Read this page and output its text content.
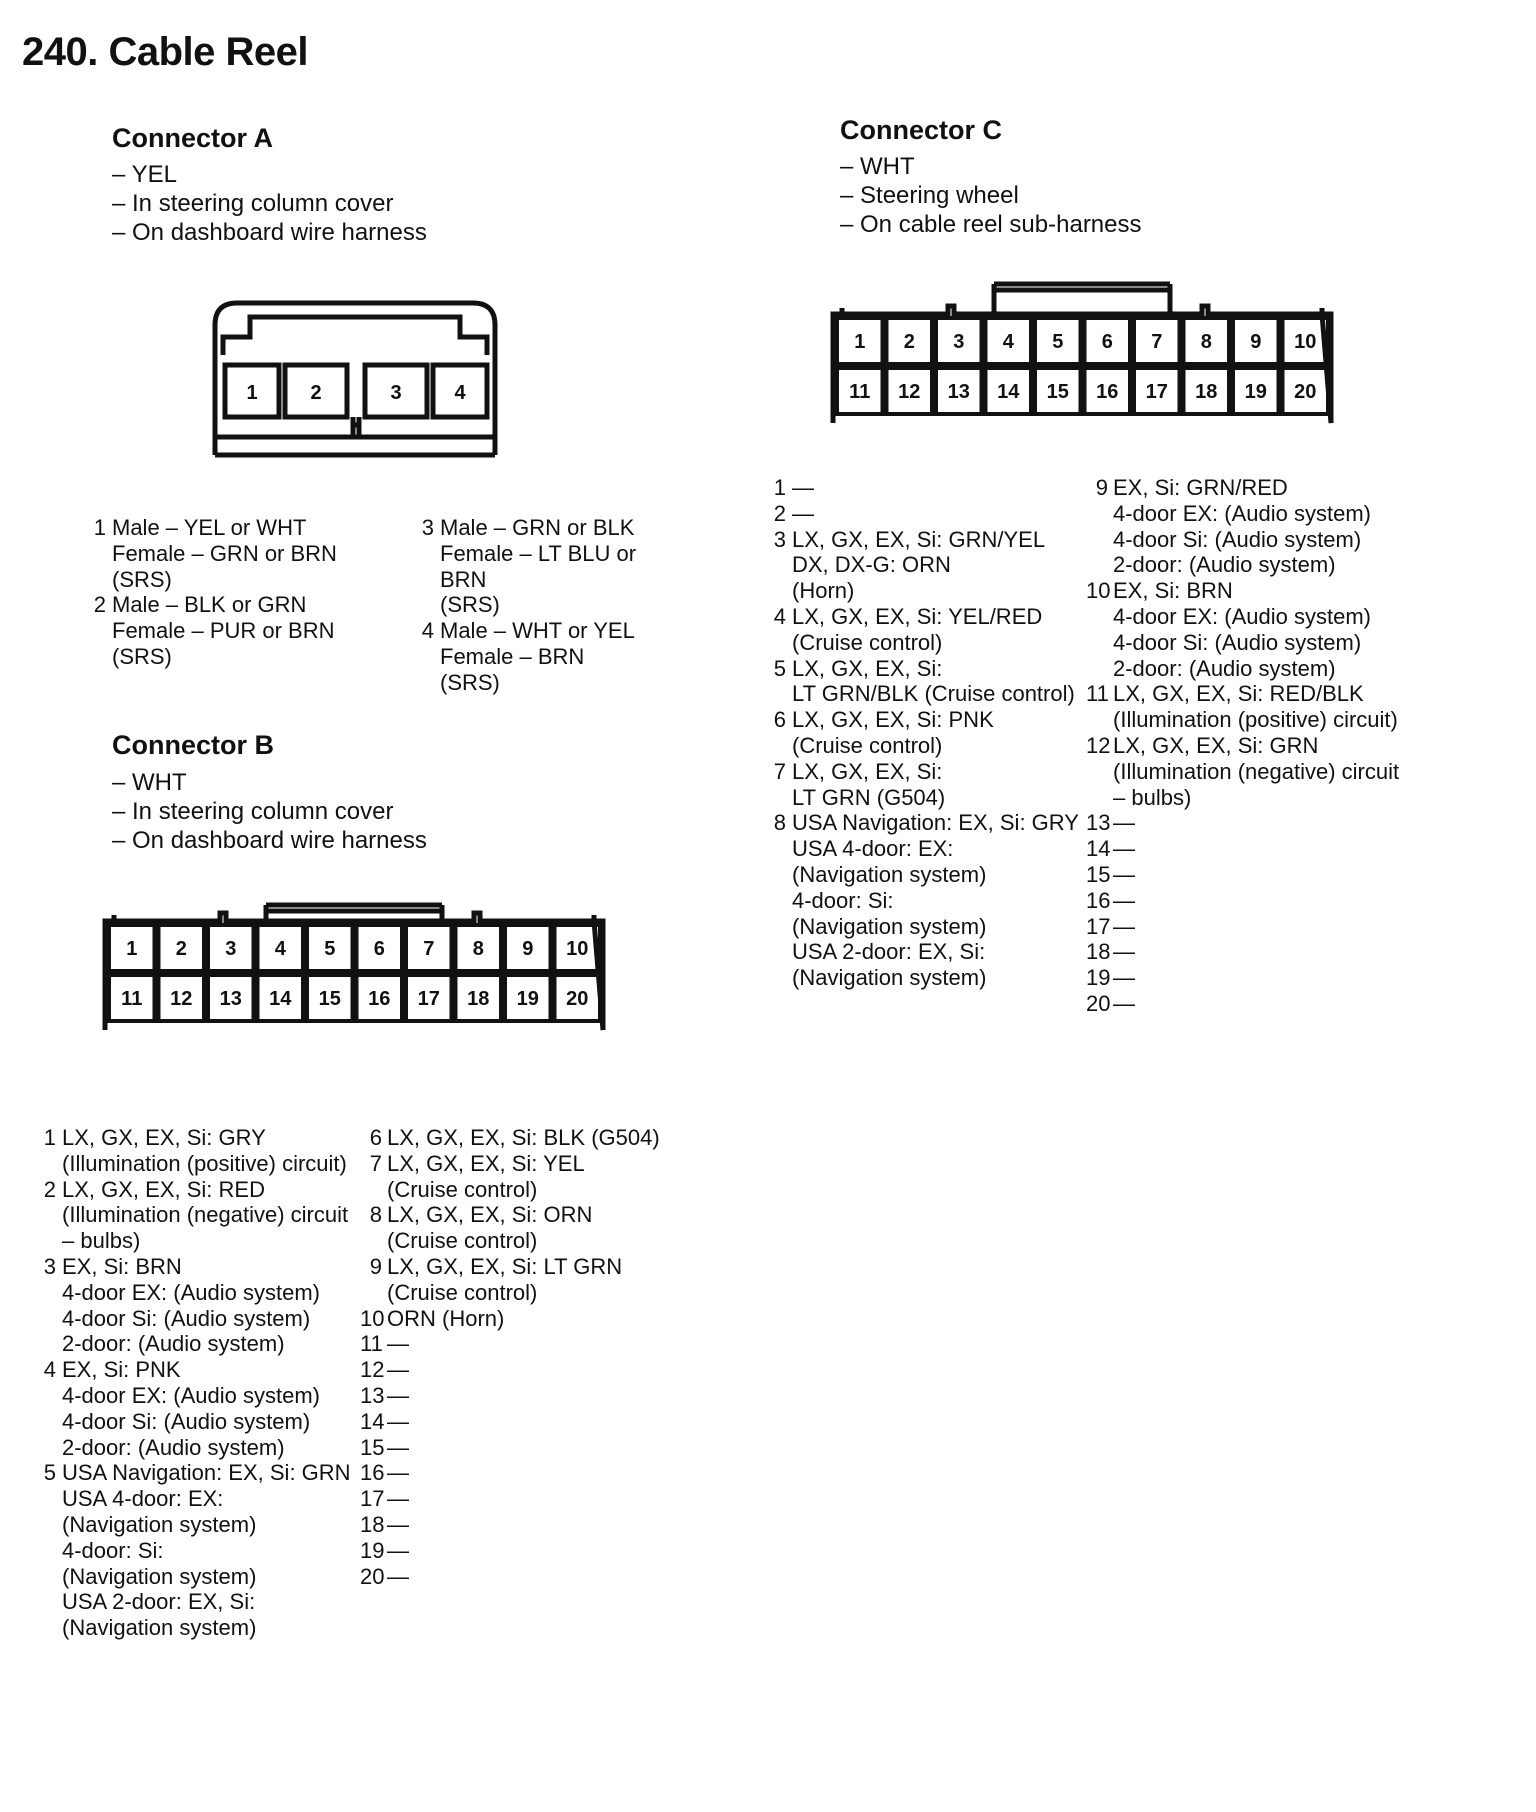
240. Cable Reel
Connector A
– YEL
– In steering column cover
– On dashboard wire harness
1	2	3	4
1 Male – YEL or WHT
Female – GRN or BRN
(SRS)
2 Male – BLK or GRN
Female – PUR or BRN
(SRS)
3 Male – GRN or BLK
Female – LT BLU or
BRN
(SRS)
4 Male – WHT or YEL
Female – BRN
(SRS)
Connector B
– WHT
– In steering column cover
– On dashboard wire harness
1 2 3 4 5 6 7 8 9 10
11 12 13 14 15 16 17 18 19 20
1 LX, GX, EX, Si: GRY
(Illumination (positive) circuit)
2 LX, GX, EX, Si: RED
(Illumination (negative) circuit
– bulbs)
3 EX, Si: BRN
4-door EX: (Audio system)
4-door Si: (Audio system)
2-door: (Audio system)
4 EX, Si: PNK
4-door EX: (Audio system)
4-door Si: (Audio system)
2-door: (Audio system)
5 USA Navigation: EX, Si: GRN
USA 4-door: EX:
(Navigation system)
4-door: Si:
(Navigation system)
USA 2-door: EX, Si:
(Navigation system)
6 LX, GX, EX, Si: BLK (G504)
7 LX, GX, EX, Si: YEL
(Cruise control)
8 LX, GX, EX, Si: ORN
(Cruise control)
9 LX, GX, EX, Si: LT GRN
(Cruise control)
10 ORN (Horn)
11 —
12 —
13 —
14 —
15 —
16 —
17 —
18 —
19 —
20 —
Connector C
– WHT
– Steering wheel
– On cable reel sub-harness
1 2 3 4 5 6 7 8 9 10
11 12 13 14 15 16 17 18 19 20
1 —
2 —
3 LX, GX, EX, Si: GRN/YEL
DX, DX-G: ORN
(Horn)
4 LX, GX, EX, Si: YEL/RED
(Cruise control)
5 LX, GX, EX, Si:
LT GRN/BLK (Cruise control)
6 LX, GX, EX, Si: PNK
(Cruise control)
7 LX, GX, EX, Si:
LT GRN (G504)
8 USA Navigation: EX, Si: GRY
USA 4-door: EX:
(Navigation system)
4-door: Si:
(Navigation system)
USA 2-door: EX, Si:
(Navigation system)
9 EX, Si: GRN/RED
4-door EX: (Audio system)
4-door Si: (Audio system)
2-door: (Audio system)
10 EX, Si: BRN
4-door EX: (Audio system)
4-door Si: (Audio system)
2-door: (Audio system)
11 LX, GX, EX, Si: RED/BLK
(Illumination (positive) circuit)
12 LX, GX, EX, Si: GRN
(Illumination (negative) circuit
– bulbs)
13 —
14 —
15 —
16 —
17 —
18 —
19 —
20 —
